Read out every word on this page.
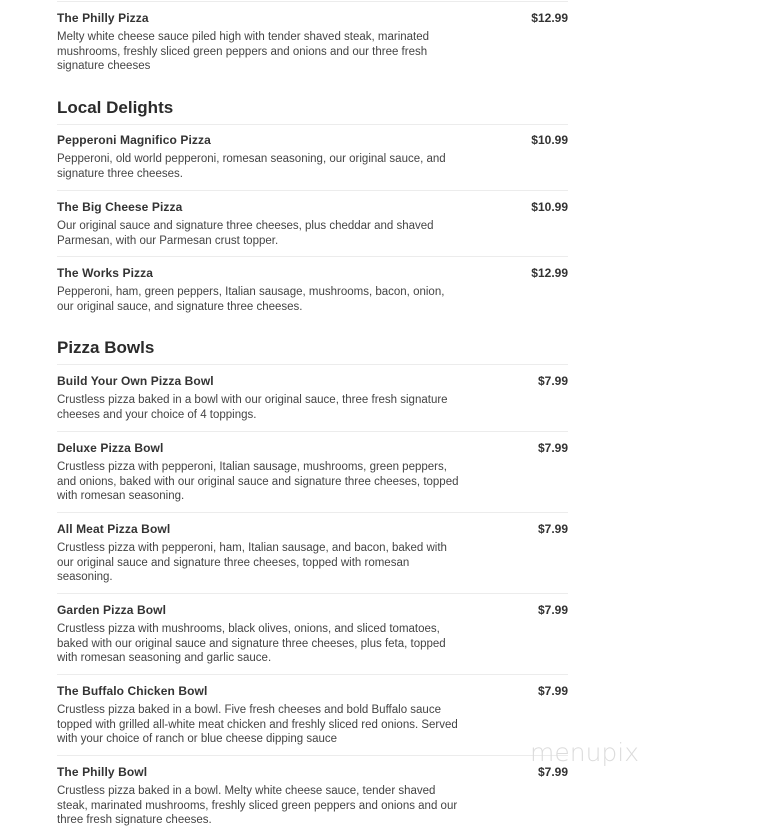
The Philly Pizza	$12.99
Melty white cheese sauce piled high with tender shaved steak, marinated mushrooms, freshly sliced green peppers and onions and our three fresh signature cheeses
Local Delights
Pepperoni Magnifico Pizza	$10.99
Pepperoni, old world pepperoni, romesan seasoning, our original sauce, and signature three cheeses.
The Big Cheese Pizza	$10.99
Our original sauce and signature three cheeses, plus cheddar and shaved Parmesan, with our Parmesan crust topper.
The Works Pizza	$12.99
Pepperoni, ham, green peppers, Italian sausage, mushrooms, bacon, onion, our original sauce, and signature three cheeses.
Pizza Bowls
Build Your Own Pizza Bowl	$7.99
Crustless pizza baked in a bowl with our original sauce, three fresh signature cheeses and your choice of 4 toppings.
Deluxe Pizza Bowl	$7.99
Crustless pizza with pepperoni, Italian sausage, mushrooms, green peppers, and onions, baked with our original sauce and signature three cheeses, topped with romesan seasoning.
All Meat Pizza Bowl	$7.99
Crustless pizza with pepperoni, ham, Italian sausage, and bacon, baked with our original sauce and signature three cheeses, topped with romesan seasoning.
Garden Pizza Bowl	$7.99
Crustless pizza with mushrooms, black olives, onions, and sliced tomatoes, baked with our original sauce and signature three cheeses, plus feta, topped with romesan seasoning and garlic sauce.
The Buffalo Chicken Bowl	$7.99
Crustless pizza baked in a bowl. Five fresh cheeses and bold Buffalo sauce topped with grilled all-white meat chicken and freshly sliced red onions. Served with your choice of ranch or blue cheese dipping sauce
The Philly Bowl	$7.99
Crustless pizza baked in a bowl. Melty white cheese sauce, tender shaved steak, marinated mushrooms, freshly sliced green peppers and onions and our three fresh signature cheeses.
menupix
